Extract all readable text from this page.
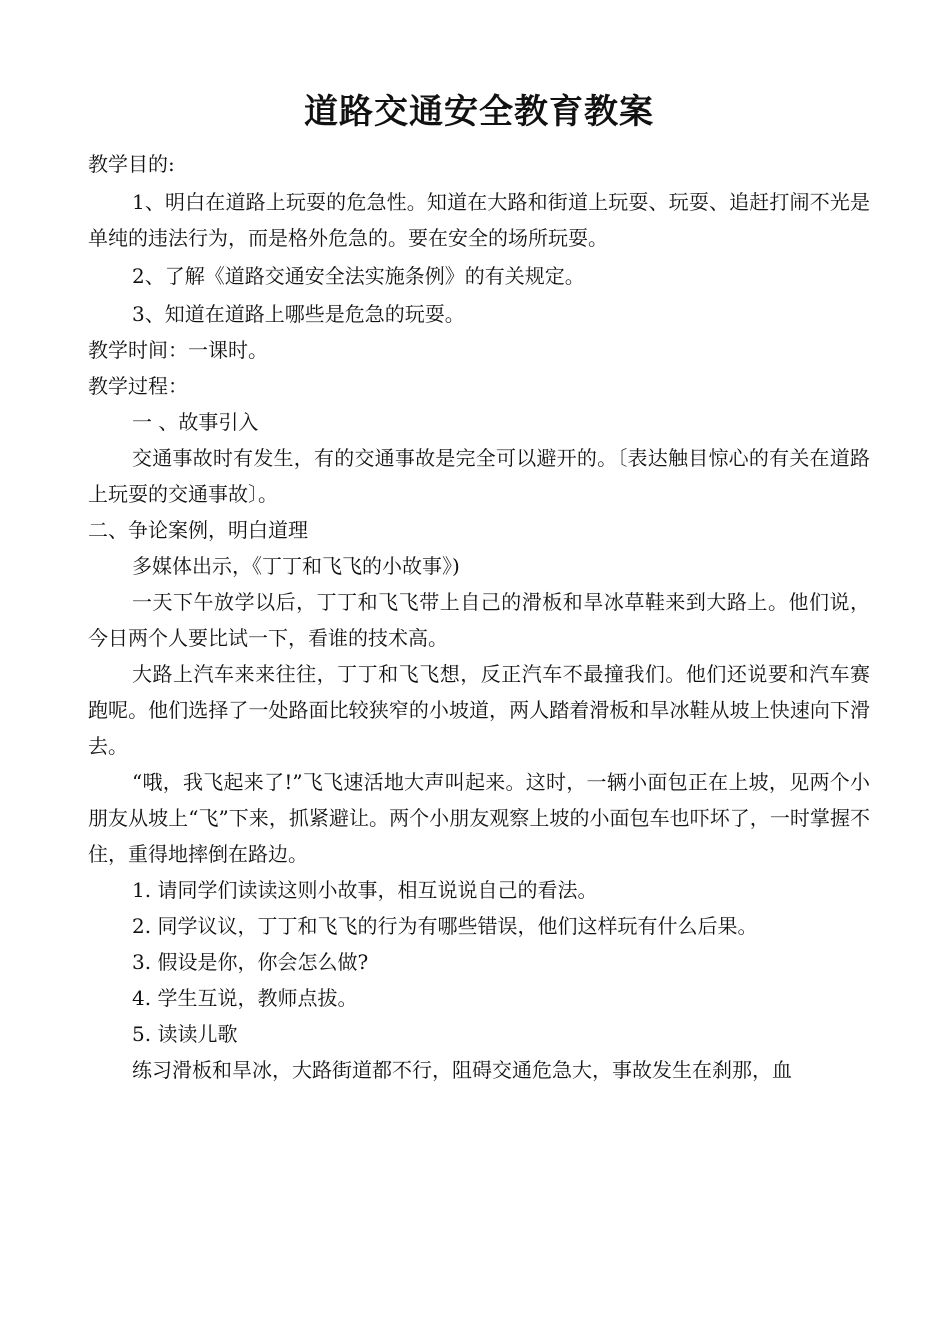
道路交通安全教育教案

教学目的:

1、明白在道路上玩耍的危急性。知道在大路和街道上玩耍、玩耍、追赶打闹不光是单纯的违法行为，而是格外危急的。要在安全的场所玩耍。

2、了解《道路交通安全法实施条例》的有关规定。

3、知道在道路上哪些是危急的玩耍。

教学时间：一课时。

教学过程：

一 、故事引入

交通事故时有发生，有的交通事故是完全可以避开的。〔表达触目惊心的有关在道路上玩耍的交通事故〕。

二、争论案例，明白道理

多媒体出示，《丁丁和飞飞的小故事》)

一天下午放学以后，丁丁和飞飞带上自己的滑板和旱冰草鞋来到大路上。他们说，今日两个人要比试一下，看谁的技术高。

大路上汽车来来往往，丁丁和飞飞想，反正汽车不最撞我们。他们还说要和汽车赛跑呢。他们选择了一处路面比较狭窄的小坡道，两人踏着滑板和旱冰鞋从坡上快速向下滑去。

“哦，我飞起来了!”飞飞速活地大声叫起来。这时，一辆小面包正在上坡，见两个小朋友从坡上“飞”下来，抓紧避让。两个小朋友观察上坡的小面包车也吓坏了，一时掌握不住，重得地摔倒在路边。

1. 请同学们读读这则小故事，相互说说自己的看法。

2. 同学议议，丁丁和飞飞的行为有哪些错误，他们这样玩有什么后果。

3. 假设是你，你会怎么做?

4. 学生互说，教师点拔。

5. 读读儿歌

练习滑板和旱冰，大路街道都不行，阻碍交通危急大，事故发生在刹那，血
